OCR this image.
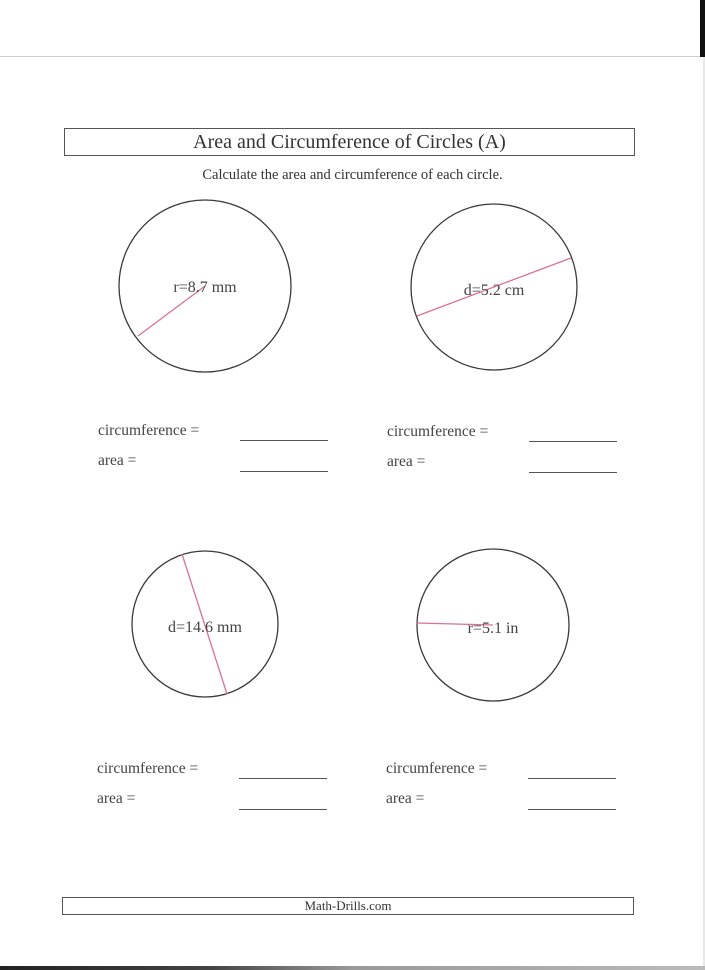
Area and Circumference of Circles (A)
Calculate the area and circumference of each circle.
r=8.7 mm	d=5.2 cm
d=14.6 mm	r=5.1 in
circumference =
area =
circumference =
area =
circumference =
area =
circumference =
area =
Math-Drills.com
